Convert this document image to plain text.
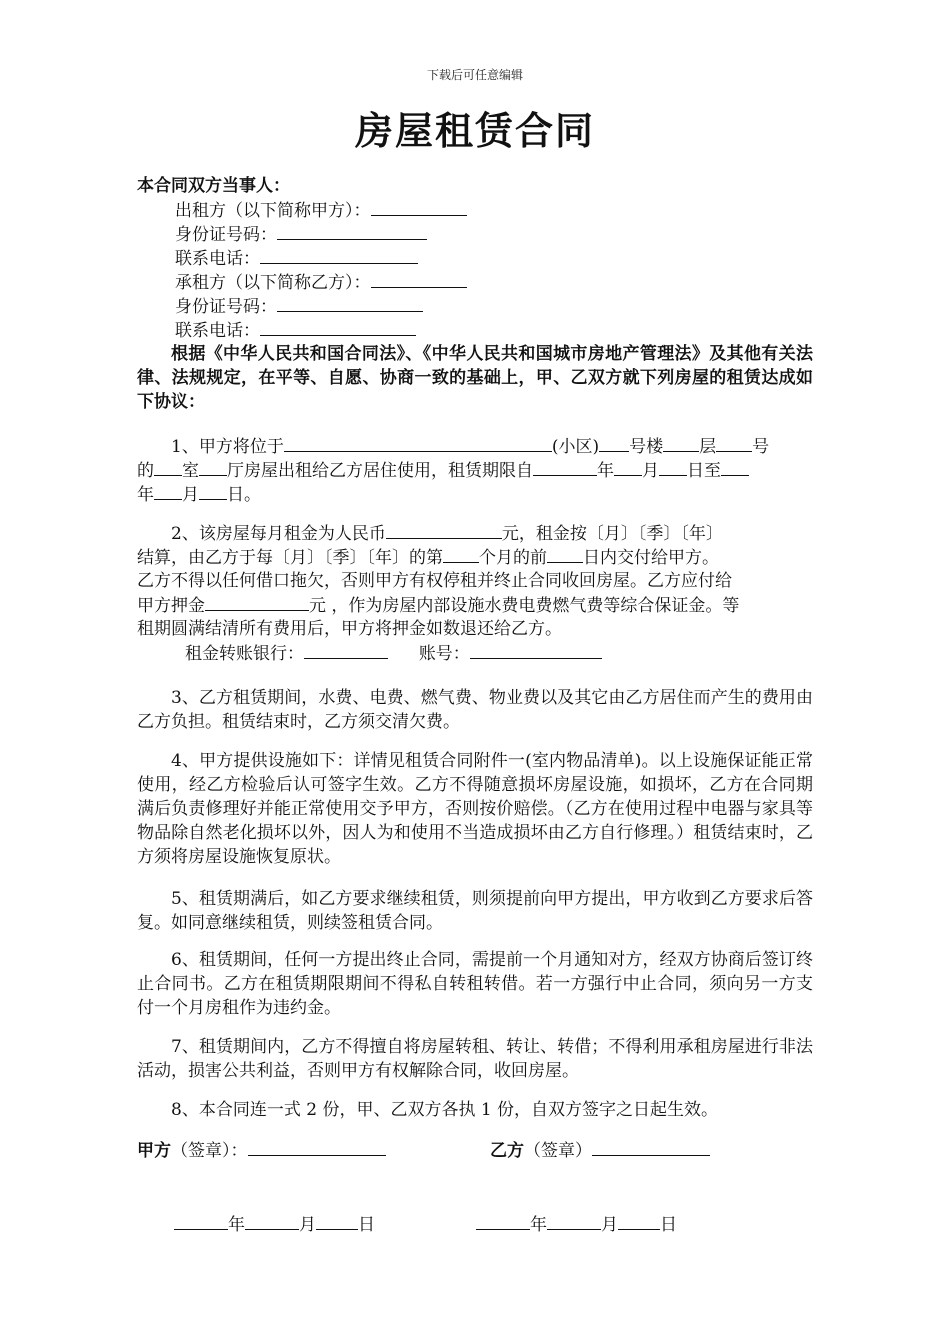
下载后可任意编辑
房屋租赁合同
本合同双方当事人：
出租方（以下简称甲方）：
身份证号码：
联系电话：
承租方（以下简称乙方）：
身份证号码：
联系电话：
根据《中华人民共和国合同法》、《中华人民共和国城市房地产管理法》及其他有关法律、法规规定，在平等、自愿、协商一致的基础上，甲、乙双方就下列房屋的租赁达成如下协议：
1、甲方将位于	(小区) 号楼 层 号
的 室 厅房屋出租给乙方居住使用，租赁期限自	年 月 日至
年 月 日。
2、该房屋每月租金为人民币	元，租金按〔月〕〔季〕〔年〕
结算，由乙方于每〔月〕〔季〕〔年〕的第 个月的前 日内交付给甲方。
乙方不得以任何借口拖欠，否则甲方有权停租并终止合同收回房屋。乙方应付给
甲方押金	元 ，作为房屋内部设施水费电费燃气费等综合保证金。等
租期圆满结清所有费用后，甲方将押金如数退还给乙方。
租金转账银行：	账号：
3、乙方租赁期间，水费、电费、燃气费、物业费以及其它由乙方居住而产生的费用由乙方负担。租赁结束时，乙方须交清欠费。
4、甲方提供设施如下：详情见租赁合同附件一(室内物品清单)。以上设施保证能正常使用，经乙方检验后认可签字生效。乙方不得随意损坏房屋设施，如损坏，乙方在合同期满后负责修理好并能正常使用交予甲方，否则按价赔偿。（乙方在使用过程中电器与家具等物品除自然老化损坏以外，因人为和使用不当造成损坏由乙方自行修理。）租赁结束时，乙方须将房屋设施恢复原状。
5、租赁期满后，如乙方要求继续租赁，则须提前向甲方提出，甲方收到乙方要求后答复。如同意继续租赁，则续签租赁合同。
6、租赁期间，任何一方提出终止合同，需提前一个月通知对方，经双方协商后签订终止合同书。乙方在租赁期限期间不得私自转租转借。若一方强行中止合同，须向另一方支付一个月房租作为违约金。
7、租赁期间内，乙方不得擅自将房屋转租、转让、转借；不得利用承租房屋进行非法活动，损害公共利益，否则甲方有权解除合同，收回房屋。
8、本合同连一式 2 份，甲、乙双方各执 1 份，自双方签字之日起生效。
甲方（签章）：	乙方（签章）
年	月 日	年	月 日
